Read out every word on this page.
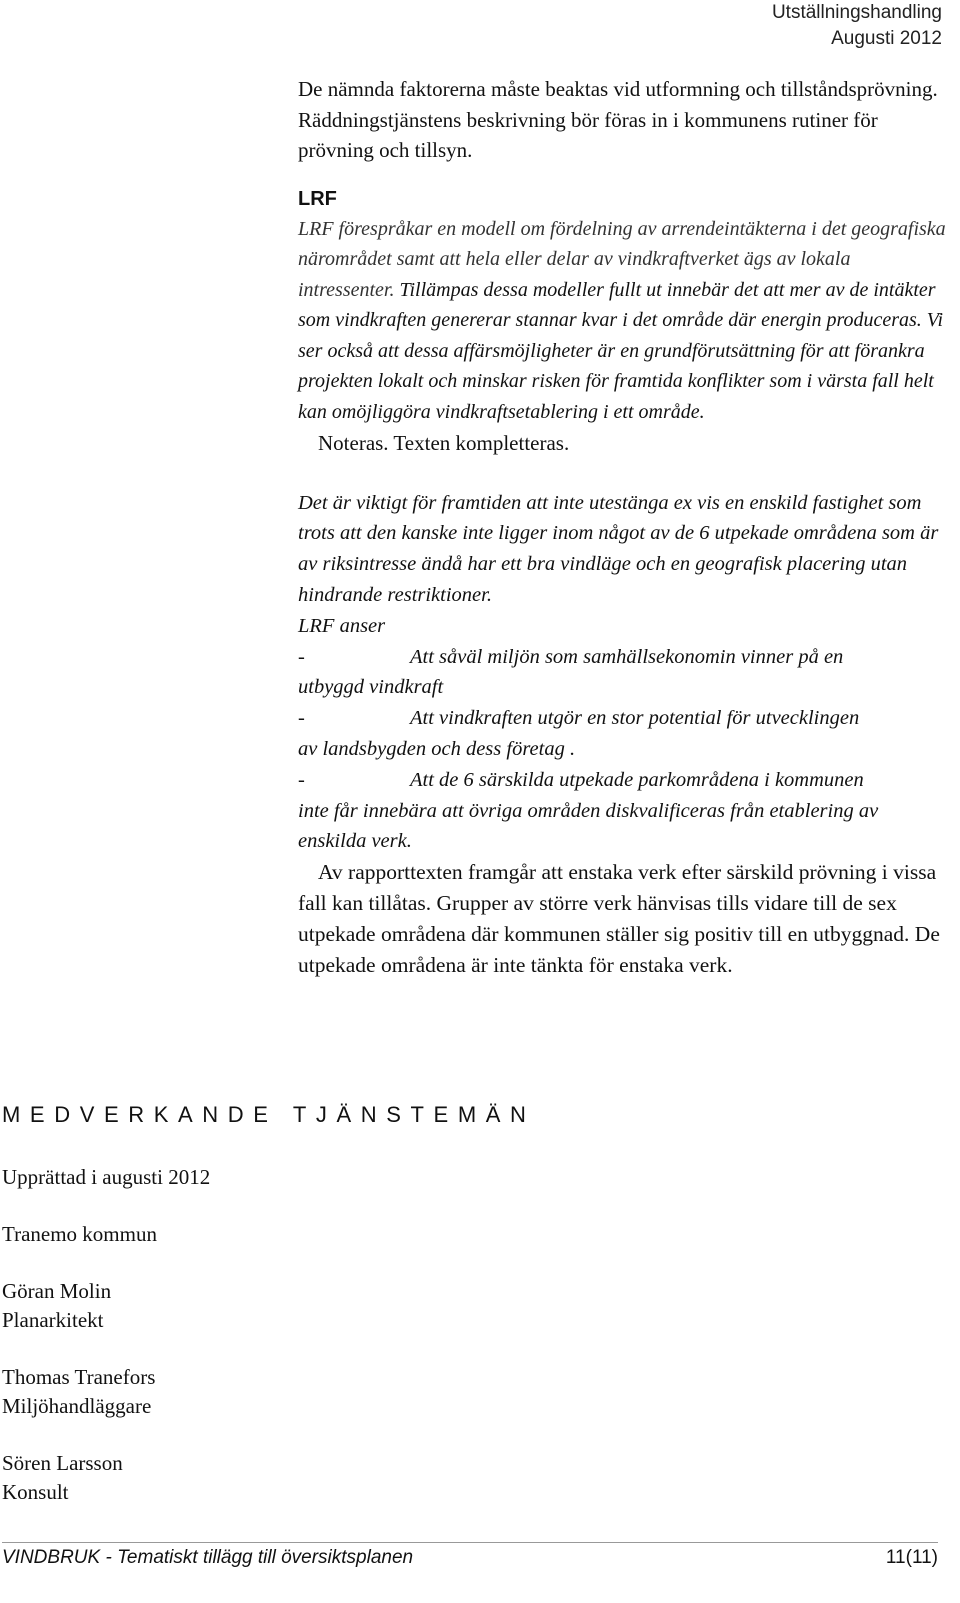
Utställningshandling
Augusti 2012

De nämnda faktorerna måste beaktas vid utformning och tillståndsprövning. Räddningstjänstens beskrivning bör föras in i kommunens rutiner för prövning och tillsyn.

LRF

LRF förespråkar en modell om fördelning av arrendeintäkterna i det geografiska närområdet samt att hela eller delar av vindkraftverket ägs av lokala intressenter. Tillämpas dessa modeller fullt ut innebär det att mer av de intäkter som vindkraften genererar stannar kvar i det område där energin produceras. Vi ser också att dessa affärsmöjligheter är en grundförutsättning för att förankra projekten lokalt och minskar risken för framtida konflikter som i värsta fall helt kan omöjliggöra vindkraftsetablering i ett område.

Noteras. Texten kompletteras.

Det är viktigt för framtiden att inte utestänga ex vis en enskild fastighet som trots att den kanske inte ligger inom något av de 6 utpekade områdena som är av riksintresse ändå har ett bra vindläge och en geografisk placering utan hindrande restriktioner.

LRF anser

-	Att såväl miljön som samhällsekonomin vinner på en
utbyggd vindkraft

-	Att vindkraften utgör en stor potential för utvecklingen
av landsbygden och dess företag .

-	Att de 6 särskilda utpekade parkområdena i kommunen
inte får innebära att övriga områden diskvalificeras från etablering av enskilda verk.

Av rapporttexten framgår att enstaka verk efter särskild prövning i vissa fall kan tillåtas. Grupper av större verk hänvisas tills vidare till de sex utpekade områdena där kommunen ställer sig positiv till en utbyggnad. De utpekade områdena är inte tänkta för enstaka verk.

MEDVERKANDE TJÄNSTEMÄN
Upprättad i augusti 2012
Tranemo kommun
Göran Molin
Planarkitekt
Thomas Tranefors
Miljöhandläggare
Sören Larsson
Konsult
VINDBRUK - Tematiskt tillägg till översiktsplanen	11(11)
